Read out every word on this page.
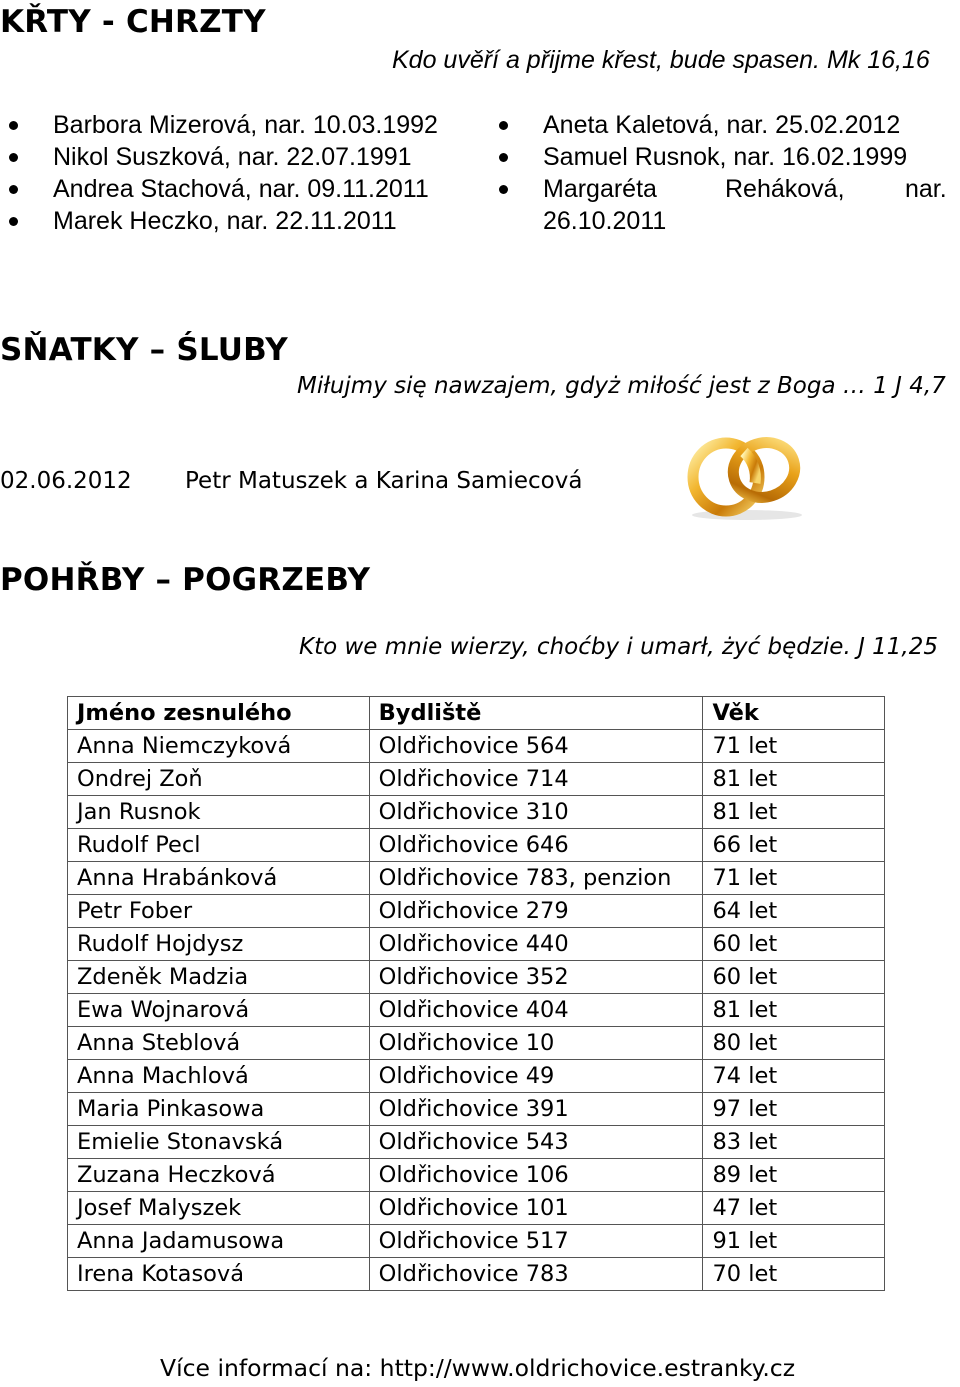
KŘTY - CHRZTY
Kdo uvěří a přijme křest, bude spasen. Mk 16,16
Barbora Mizerová, nar. 10.03.1992
Nikol Suszková, nar. 22.07.1991
Andrea Stachová, nar. 09.11.2011
Marek Heczko, nar. 22.11.2011
Aneta Kaletová, nar. 25.02.2012
Samuel Rusnok, nar. 16.02.1999
Margaréta	Reháková, nar.
26.10.2011
SŇATKY – ŚLUBY
Miłujmy się nawzajem, gdyż miłość jest z Boga … 1 J 4,7
02.06.2012 Petr Matuszek a Karina Samiecová
POHŘBY – POGRZEBY
Kto we mnie wierzy, choćby i umarł, żyć będzie. J 11,25
Jméno zesnulého	Bydliště	Věk
Anna Niemczyková	Oldřichovice 564	71 let
Ondrej Zoň	Oldřichovice 714	81 let
Jan Rusnok	Oldřichovice 310	81 let
Rudolf Pecl	Oldřichovice 646	66 let
Anna Hrabánková	Oldřichovice 783, penzion	71 let
Petr Fober	Oldřichovice 279	64 let
Rudolf Hojdysz	Oldřichovice 440	60 let
Zdeněk Madzia	Oldřichovice 352	60 let
Ewa Wojnarová	Oldřichovice 404	81 let
Anna Steblová	Oldřichovice 10	80 let
Anna Machlová	Oldřichovice 49	74 let
Maria Pinkasowa	Oldřichovice 391	97 let
Emielie Stonavská	Oldřichovice 543	83 let
Zuzana Heczková	Oldřichovice 106	89 let
Josef Malyszek	Oldřichovice 101	47 let
Anna Jadamusowa	Oldřichovice 517	91 let
Irena Kotasová	Oldřichovice 783	70 let
Více informací na: http://www.oldrichovice.estranky.cz
